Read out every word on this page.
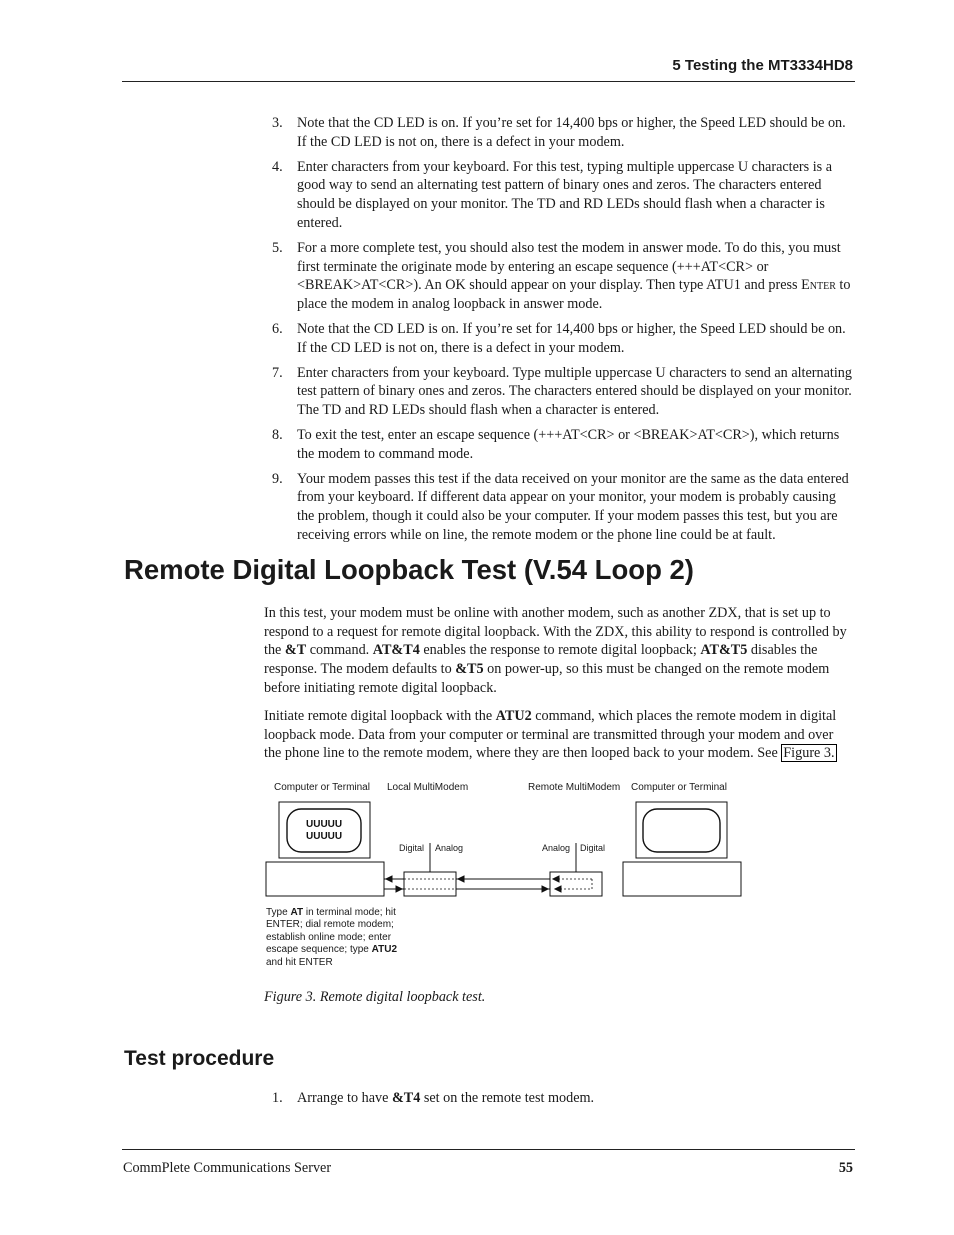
5 Testing the MT3334HD8
3. Note that the CD LED is on. If you’re set for 14,400 bps or higher, the Speed LED should be on. If the CD LED is not on, there is a defect in your modem.
4. Enter characters from your keyboard. For this test, typing multiple uppercase U characters is a good way to send an alternating test pattern of binary ones and zeros. The characters entered should be displayed on your monitor. The TD and RD LEDs should flash when a character is entered.
5. For a more complete test, you should also test the modem in answer mode. To do this, you must first terminate the originate mode by entering an escape sequence (+++AT<CR> or <BREAK>AT<CR>). An OK should appear on your display. Then type ATU1 and press Enter to place the modem in analog loopback in answer mode.
6. Note that the CD LED is on. If you’re set for 14,400 bps or higher, the Speed LED should be on. If the CD LED is not on, there is a defect in your modem.
7. Enter characters from your keyboard. Type multiple uppercase U characters to send an alternating test pattern of binary ones and zeros. The characters entered should be displayed on your monitor. The TD and RD LEDs should flash when a character is entered.
8. To exit the test, enter an escape sequence (+++AT<CR> or <BREAK>AT<CR>), which returns the modem to command mode.
9. Your modem passes this test if the data received on your monitor are the same as the data entered from your keyboard. If different data appear on your monitor, your modem is probably causing the problem, though it could also be your computer. If your modem passes this test, but you are receiving errors while on line, the remote modem or the phone line could be at fault.
Remote Digital Loopback Test (V.54 Loop 2)

In this test, your modem must be online with another modem, such as another ZDX, that is set up to respond to a request for remote digital loopback. With the ZDX, this ability to respond is controlled by the &T command. AT&T4 enables the response to remote digital loopback; AT&T5 disables the response. The modem defaults to &T5 on power-up, so this must be changed on the remote modem before initiating remote digital loopback.

Initiate remote digital loopback with the ATU2 command, which places the remote modem in digital loopback mode. Data from your computer or terminal are transmitted through your modem and over the phone line to the remote modem, where they are then looped back to your modem. See Figure 3.

Computer or Terminal Local MultiModem	Remote MultiModem Computer or Terminal
UUUUU
UUUUU
Digital Analog	Analog Digital
Type AT in terminal mode; hit
ENTER; dial remote modem;
establish online mode; enter
escape sequence; type ATU2
and hit ENTER
Figure 3. Remote digital loopback test.
Test procedure
1. Arrange to have &T4 set on the remote test modem.
CommPlete Communications Server	55
